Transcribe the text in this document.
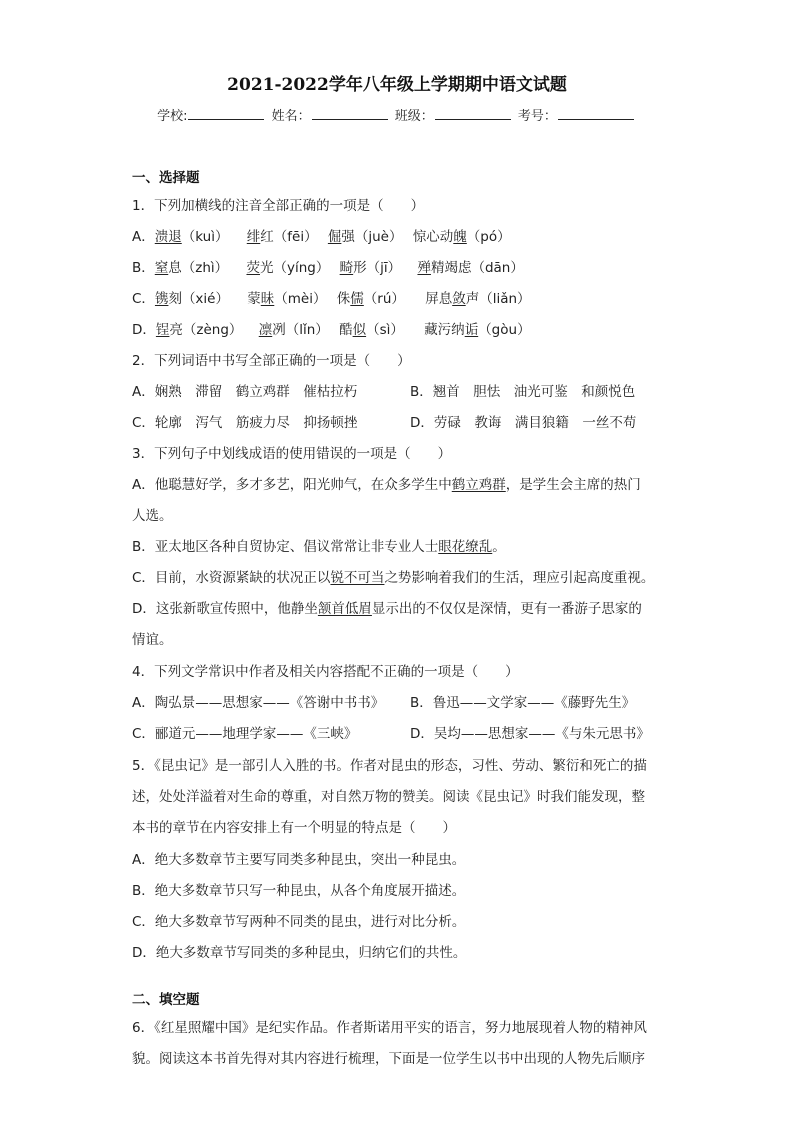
2021-2022学年八年级上学期期中语文试题
学校:	姓名：	班级：	考号：
一、选择题
1．下列加横线的注音全部正确的一项是（　　）
A．溃退（kuì） 绯红（fēi） 倔强（juè） 惊心动魄（pó）
B．窒息（zhì） 荧光（yíng） 畸形（jī） 殚精竭虑（dān）
C．镌刻（xié） 蒙昧（mèi） 侏儒（rú） 屏息敛声（liǎn）
D．锃亮（zèng） 凛冽（lǐn） 酷似（sì） 藏污纳诟（gòu）
2．下列词语中书写全部正确的一项是（　　）
A．娴熟　滞留　鹤立鸡群　催枯拉朽	B．翘首　胆怯　油光可鉴　和颜悦色
C．轮廓　泻气　筋疲力尽　抑扬顿挫	D．劳碌　教诲　满目狼籍　一丝不苟
3．下列句子中划线成语的使用错误的一项是（　　）
A．他聪慧好学，多才多艺，阳光帅气，在众多学生中鹤立鸡群，是学生会主席的热门
人选。
B．亚太地区各种自贸协定、倡议常常让非专业人士眼花缭乱。
C．目前，水资源紧缺的状况正以锐不可当之势影响着我们的生活，理应引起高度重视。
D．这张新歌宣传照中，他静坐颔首低眉显示出的不仅仅是深情，更有一番游子思家的
情谊。
4．下列文学常识中作者及相关内容搭配不正确的一项是（　　）
A．陶弘景——思想家——《答谢中书书》 B．鲁迅——文学家——《藤野先生》
C．郦道元——地理学家——《三峡》	D．吴均——思想家——《与朱元思书》
5．《昆虫记》是一部引人入胜的书。作者对昆虫的形态，习性、劳动、繁衍和死亡的描
述，处处洋溢着对生命的尊重，对自然万物的赞美。阅读《昆虫记》时我们能发现，整
本书的章节在内容安排上有一个明显的特点是（　　）
A．绝大多数章节主要写同类多种昆虫，突出一种昆虫。
B．绝大多数章节只写一种昆虫，从各个角度展开描述。
C．绝大多数章节写两种不同类的昆虫，进行对比分析。
D．绝大多数章节写同类的多种昆虫，归纳它们的共性。
二、填空题
6．《红星照耀中国》是纪实作品。作者斯诺用平实的语言，努力地展现着人物的精神风
貌。阅读这本书首先得对其内容进行梳理，下面是一位学生以书中出现的人物先后顺序
